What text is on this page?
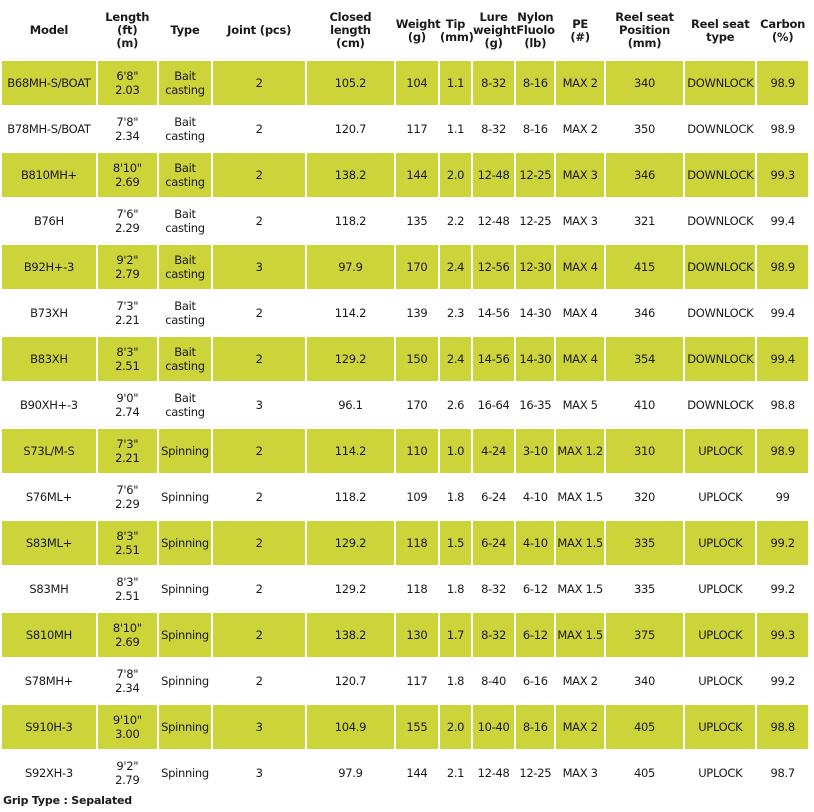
Model	Length
(ft)
(m)	Type	Joint (pcs)	Closed
length
(cm)	Weight
(g)	Tip
(mm)	Lure
weight
(g)	Nylon
Fluolo
(lb)	PE
(#)	Reel seat
Position
(mm)	Reel seat
type	Carbon
(%)
B68MH-S/BOAT	6'8"
2.03	Bait
casting	2	105.2	104	1.1	8-32	8-16	MAX 2	340	DOWNLOCK	98.9

B78MH-S/BOAT	7'8"
2.34	Bait
casting	2	120.7	117	1.1	8-32	8-16	MAX 2	350	DOWNLOCK	98.9

B810MH+	8'10"
2.69	Bait
casting	2	138.2	144	2.0	12-48	12-25	MAX 3	346	DOWNLOCK	99.3

B76H	7'6"
2.29	Bait
casting	2	118.2	135	2.2	12-48	12-25	MAX 3	321	DOWNLOCK	99.4

B92H+-3	9'2"
2.79	Bait
casting	3	97.9	170	2.4	12-56	12-30	MAX 4	415	DOWNLOCK	98.9

B73XH	7'3"
2.21	Bait
casting	2	114.2	139	2.3	14-56	14-30	MAX 4	346	DOWNLOCK	99.4

B83XH	8'3"
2.51	Bait
casting	2	129.2	150	2.4	14-56	14-30	MAX 4	354	DOWNLOCK	99.4

B90XH+-3	9'0"
2.74	Bait
casting	3	96.1	170	2.6	16-64	16-35	MAX 5	410	DOWNLOCK	98.8

S73L/M-S	7'3"
2.21	Spinning	2	114.2	110	1.0	4-24	3-10	MAX 1.2	310	UPLOCK	98.9

S76ML+	7'6"
2.29	Spinning	2	118.2	109	1.8	6-24	4-10	MAX 1.5	320	UPLOCK	99

S83ML+	8'3"
2.51	Spinning	2	129.2	118	1.5	6-24	4-10	MAX 1.5	335	UPLOCK	99.2

S83MH	8'3"
2.51	Spinning	2	129.2	118	1.8	8-32	6-12	MAX 1.5	335	UPLOCK	99.2

S810MH	8'10"
2.69	Spinning	2	138.2	130	1.7	8-32	6-12	MAX 1.5	375	UPLOCK	99.3

S78MH+	7'8"
2.34	Spinning	2	120.7	117	1.8	8-40	6-16	MAX 2	340	UPLOCK	99.2

S910H-3	9'10"
3.00	Spinning	3	104.9	155	2.0	10-40	8-16	MAX 2	405	UPLOCK	98.8

S92XH-3	9'2"
2.79	Spinning	3	97.9	144	2.1	12-48	12-25	MAX 3	405	UPLOCK	98.7
Grip Type : Sepalated
